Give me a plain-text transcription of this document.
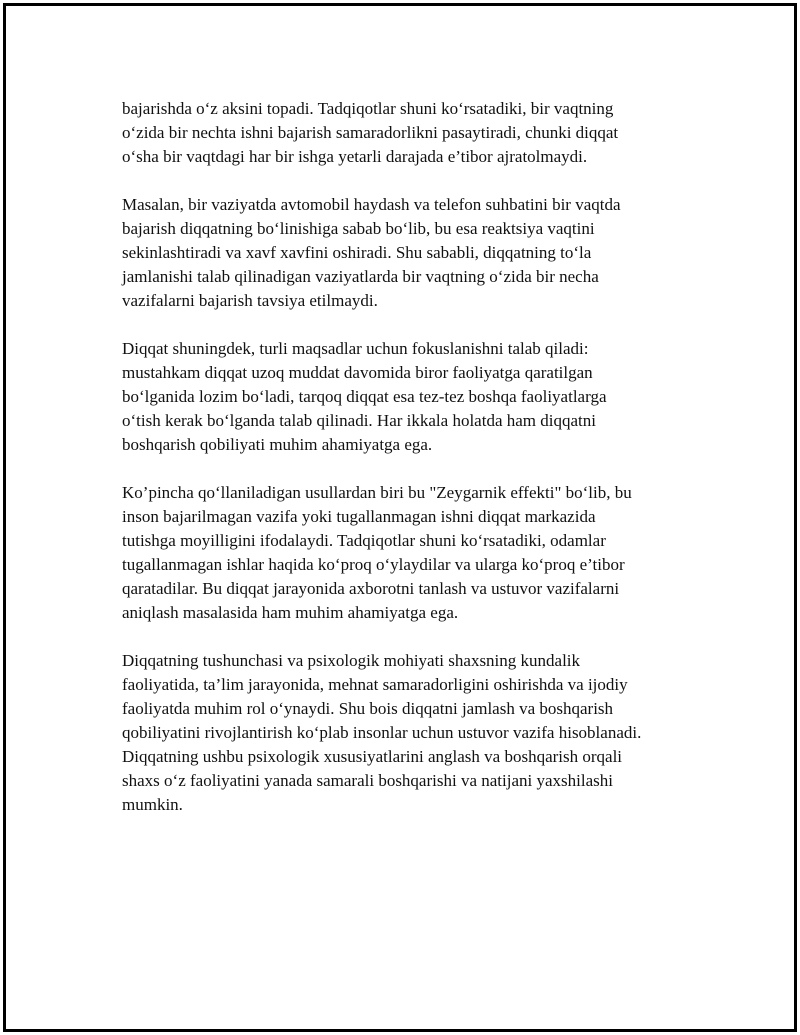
bajarishda o‘z aksini topadi. Tadqiqotlar shuni ko‘rsatadiki, bir vaqtning
o‘zida bir nechta ishni bajarish samaradorlikni pasaytiradi, chunki diqqat
o‘sha bir vaqtdagi har bir ishga yetarli darajada e’tibor ajratolmaydi.

Masalan, bir vaziyatda avtomobil haydash va telefon suhbatini bir vaqtda
bajarish diqqatning bo‘linishiga sabab bo‘lib, bu esa reaktsiya vaqtini
sekinlashtiradi va xavf xavfini oshiradi. Shu sababli, diqqatning to‘la
jamlanishi talab qilinadigan vaziyatlarda bir vaqtning o‘zida bir necha
vazifalarni bajarish tavsiya etilmaydi.

Diqqat shuningdek, turli maqsadlar uchun fokuslanishni talab qiladi:
mustahkam diqqat uzoq muddat davomida biror faoliyatga qaratilgan
bo‘lganida lozim bo‘ladi, tarqoq diqqat esa tez-tez boshqa faoliyatlarga
o‘tish kerak bo‘lganda talab qilinadi. Har ikkala holatda ham diqqatni
boshqarish qobiliyati muhim ahamiyatga ega.

Ko’pincha qo‘llaniladigan usullardan biri bu "Zeygarnik effekti" bo‘lib, bu
inson bajarilmagan vazifa yoki tugallanmagan ishni diqqat markazida
tutishga moyilligini ifodalaydi. Tadqiqotlar shuni ko‘rsatadiki, odamlar
tugallanmagan ishlar haqida ko‘proq o‘ylaydilar va ularga ko‘proq e’tibor
qaratadilar. Bu diqqat jarayonida axborotni tanlash va ustuvor vazifalarni
aniqlash masalasida ham muhim ahamiyatga ega.

Diqqatning tushunchasi va psixologik mohiyati shaxsning kundalik
faoliyatida, ta’lim jarayonida, mehnat samaradorligini oshirishda va ijodiy
faoliyatda muhim rol o‘ynaydi. Shu bois diqqatni jamlash va boshqarish
qobiliyatini rivojlantirish ko‘plab insonlar uchun ustuvor vazifa hisoblanadi.
Diqqatning ushbu psixologik xususiyatlarini anglash va boshqarish orqali
shaxs o‘z faoliyatini yanada samarali boshqarishi va natijani yaxshilashi
mumkin.
